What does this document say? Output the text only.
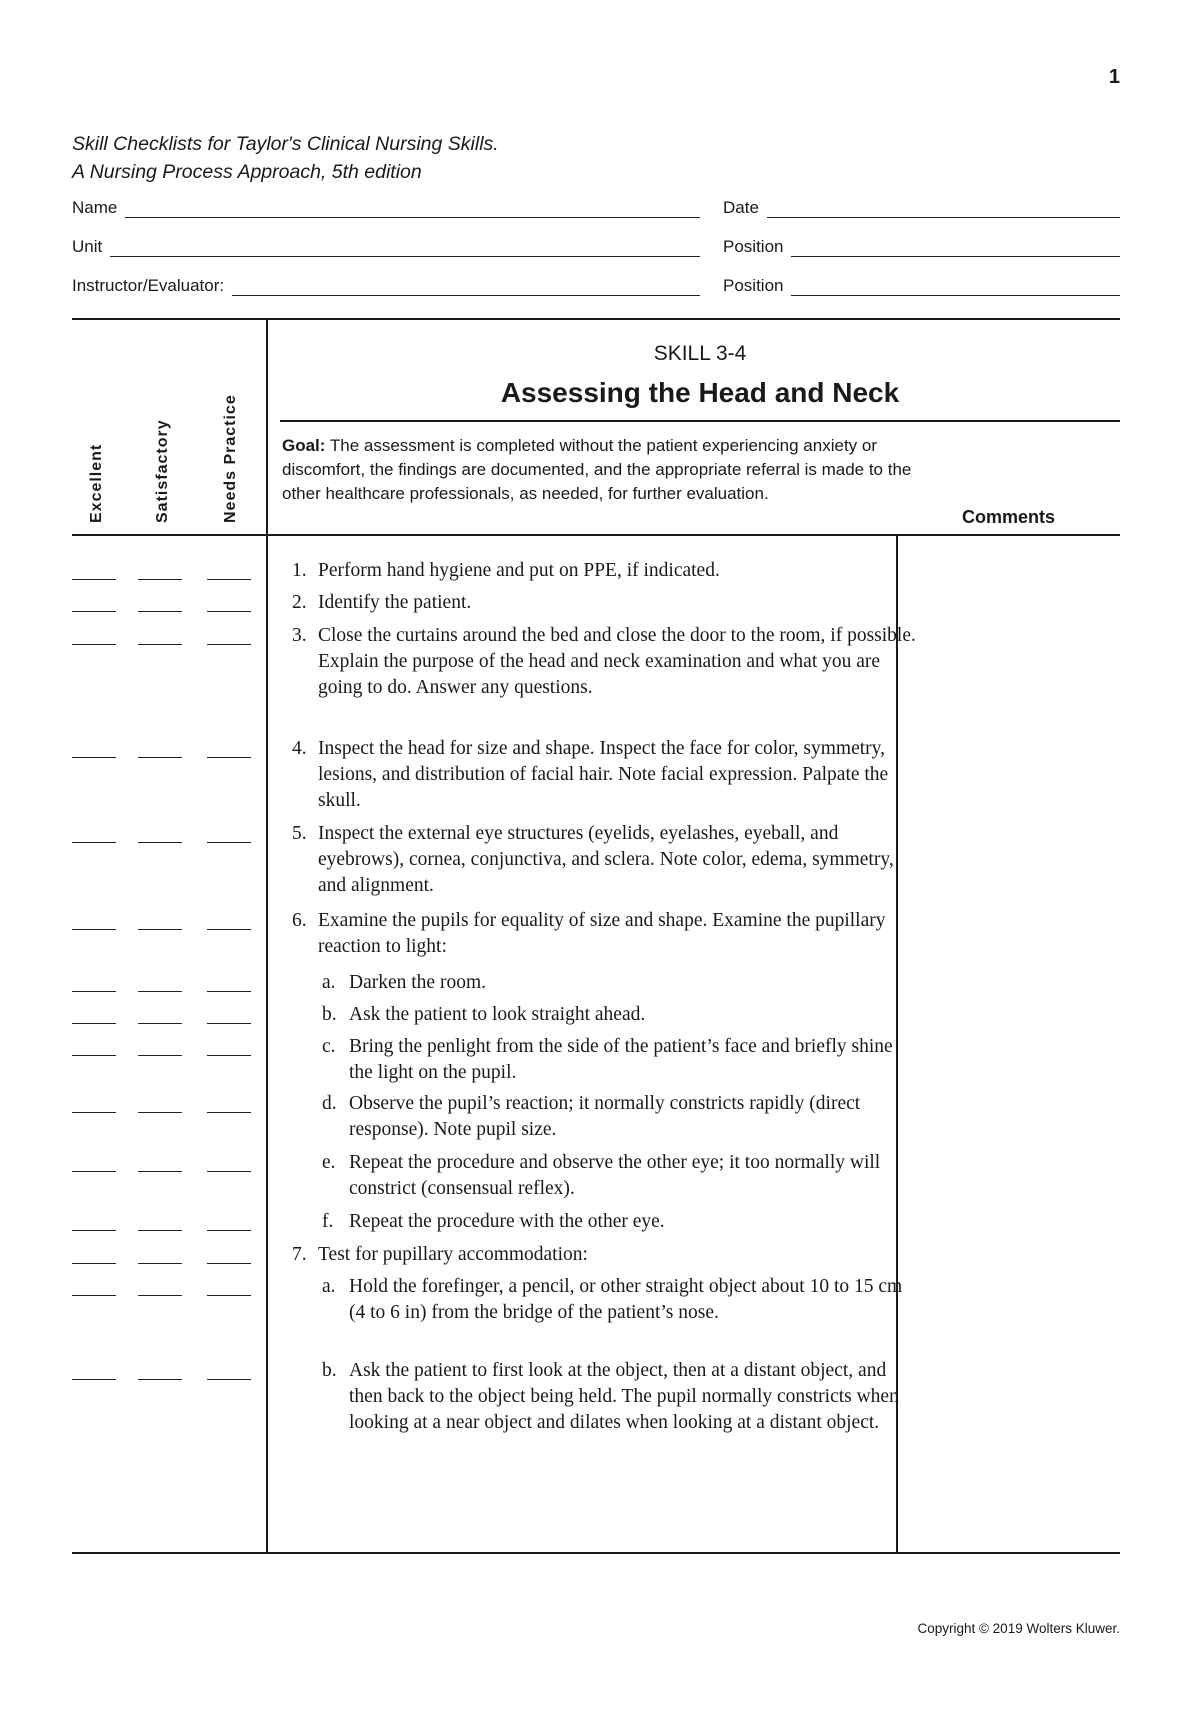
1
Skill Checklists for Taylor's Clinical Nursing Skills.
A Nursing Process Approach, 5th edition
Name	Date
Unit	Position
Instructor/Evaluator:	Position
Excellent	Satisfactory	Needs Practice
SKILL 3-4
Assessing the Head and Neck
Goal: The assessment is completed without the patient experiencing anxiety or discomfort, the findings are documented, and the appropriate referral is made to the other healthcare professionals, as needed, for further evaluation.
Comments
1. Perform hand hygiene and put on PPE, if indicated.
2. Identify the patient.
3. Close the curtains around the bed and close the door to the room, if possible. Explain the purpose of the head and neck examination and what you are going to do. Answer any questions.
4. Inspect the head for size and shape. Inspect the face for color, symmetry, lesions, and distribution of facial hair. Note facial expression. Palpate the skull.
5. Inspect the external eye structures (eyelids, eyelashes, eyeball, and eyebrows), cornea, conjunctiva, and sclera. Note color, edema, symmetry, and alignment.
6. Examine the pupils for equality of size and shape. Examine the pupillary reaction to light:
a. Darken the room.
b. Ask the patient to look straight ahead.
c. Bring the penlight from the side of the patient’s face and briefly shine the light on the pupil.
d. Observe the pupil’s reaction; it normally constricts rapidly (direct response). Note pupil size.
e. Repeat the procedure and observe the other eye; it too normally will constrict (consensual reflex).
f. Repeat the procedure with the other eye.
7. Test for pupillary accommodation:
a. Hold the forefinger, a pencil, or other straight object about 10 to 15 cm (4 to 6 in) from the bridge of the patient’s nose.
b. Ask the patient to first look at the object, then at a distant object, and then back to the object being held. The pupil normally constricts when looking at a near object and dilates when looking at a distant object.
Copyright © 2019 Wolters Kluwer.
